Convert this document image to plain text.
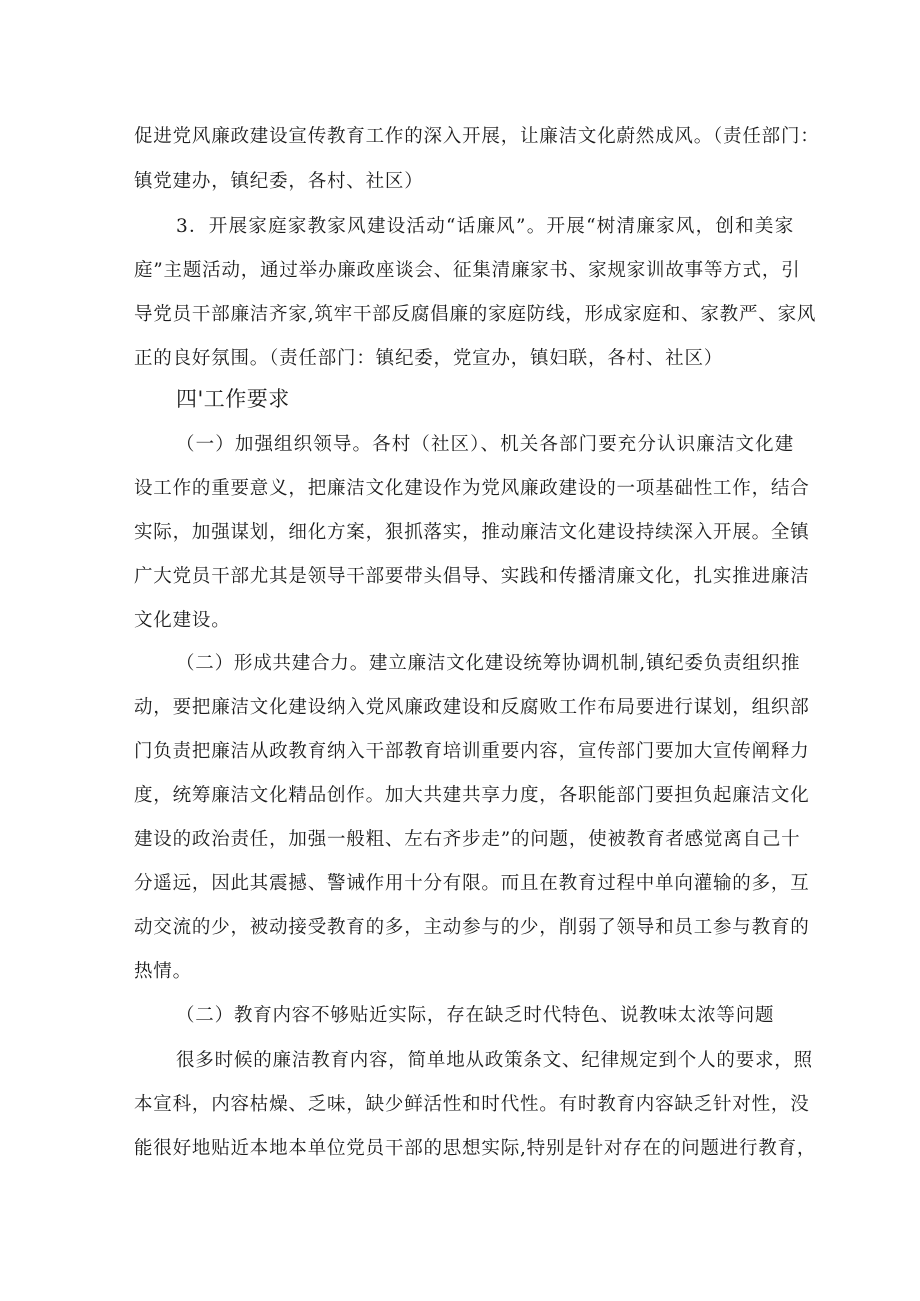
促进党风廉政建设宣传教育工作的深入开展，让廉洁文化蔚然成风。（责任部门：
镇党建办，镇纪委，各村、社区）
3．开展家庭家教家风建设活动“话廉风”。开展“树清廉家风，创和美家
庭”主题活动，通过举办廉政座谈会、征集清廉家书、家规家训故事等方式，引
导党员干部廉洁齐家,筑牢干部反腐倡廉的家庭防线，形成家庭和、家教严、家风
正的良好氛围。（责任部门：镇纪委，党宣办，镇妇联，各村、社区）
四'工作要求
（一）加强组织领导。各村（社区）、机关各部门要充分认识廉洁文化建
设工作的重要意义，把廉洁文化建设作为党风廉政建设的一项基础性工作，结合
实际，加强谋划，细化方案，狠抓落实，推动廉洁文化建设持续深入开展。全镇
广大党员干部尤其是领导干部要带头倡导、实践和传播清廉文化，扎实推进廉洁
文化建设。
（二）形成共建合力。建立廉洁文化建设统筹协调机制,镇纪委负责组织推
动，要把廉洁文化建设纳入党风廉政建设和反腐败工作布局要进行谋划，组织部
门负责把廉洁从政教育纳入干部教育培训重要内容，宣传部门要加大宣传阐释力
度，统筹廉洁文化精品创作。加大共建共享力度，各职能部门要担负起廉洁文化
建设的政治责任，加强一般粗、左右齐步走”的问题，使被教育者感觉离自己十
分遥远，因此其震撼、警诫作用十分有限。而且在教育过程中单向灌输的多，互
动交流的少，被动接受教育的多，主动参与的少，削弱了领导和员工参与教育的
热情。
（二）教育内容不够贴近实际，存在缺乏时代特色、说教味太浓等问题
很多时候的廉洁教育内容，简单地从政策条文、纪律规定到个人的要求，照
本宣科，内容枯燥、乏味，缺少鲜活性和时代性。有时教育内容缺乏针对性，没
能很好地贴近本地本单位党员干部的思想实际,特别是针对存在的问题进行教育，
